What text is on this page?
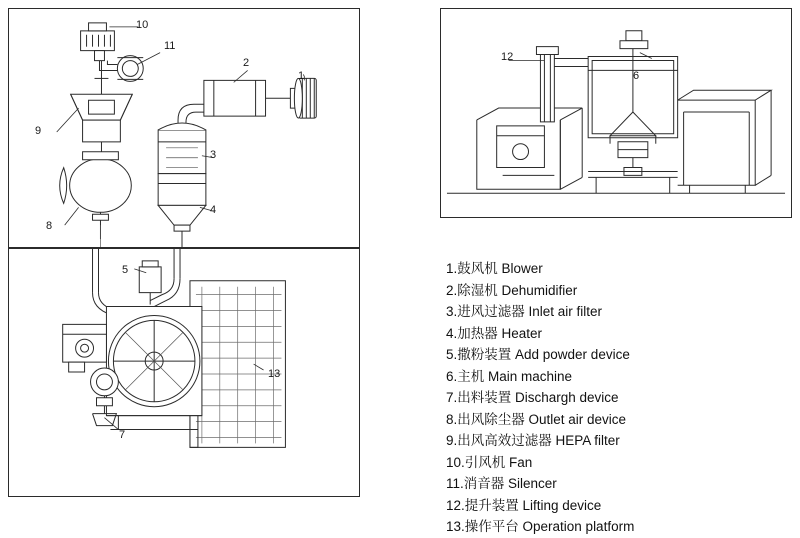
10
11
2
1
9
3
4
8
5
13
7
12
6
1.鼓风机 Blower
2.除湿机 Dehumidifier
3.进风过滤器 Inlet air filter
4.加热器 Heater
5.撒粉装置 Add powder device
6.主机 Main machine
7.出料装置 Dischargh device
8.出风除尘器 Outlet air device
9.出风高效过滤器 HEPA filter
10.引风机 Fan
11.消音器 Silencer
12.提升装置 Lifting device
13.操作平台 Operation platform
